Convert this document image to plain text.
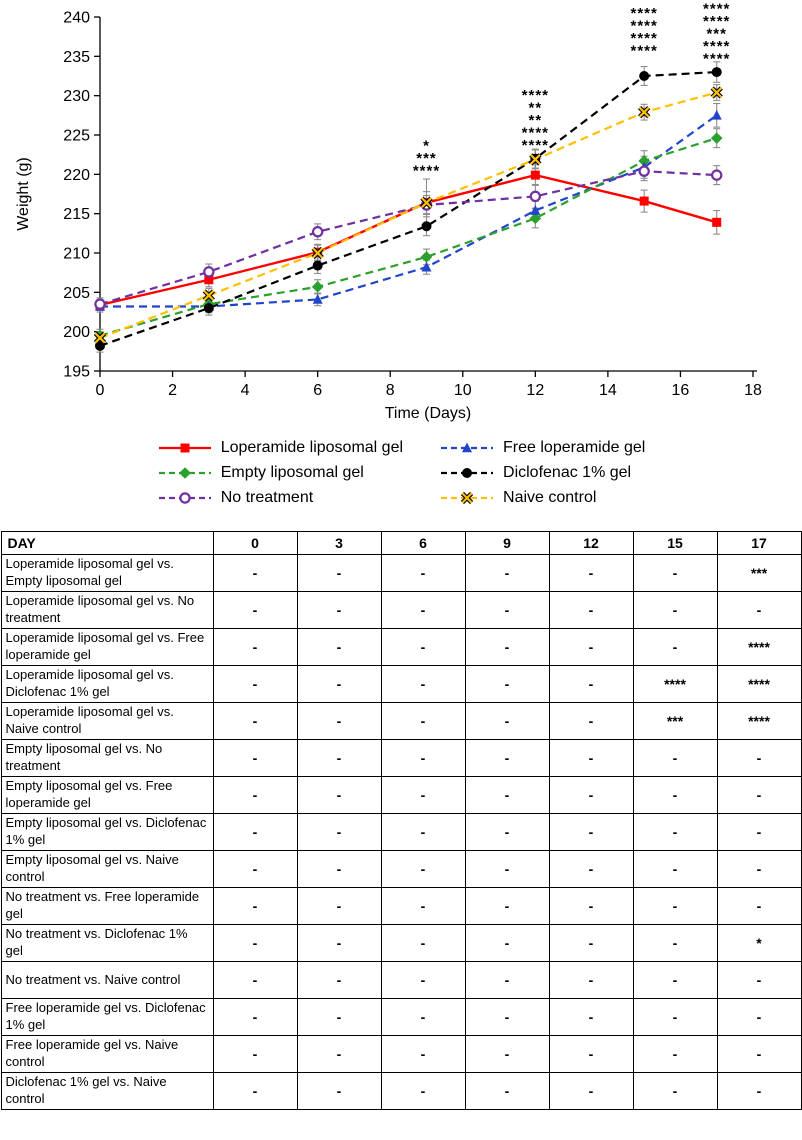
195
200
205
210
215
220
225
230
235
240
0	2	4	6	8	10	12	14	16	18
*
***
****
****
**
**
****
****
****
****
****
****
****
****
***
****
****
Time (Days)
Weight (g)
Loperamide liposomal gel	Free loperamide gel
Empty liposomal gel	Diclofenac 1% gel
No treatment	Naive control
DAY	0	3	6	9	12	15	17
Loperamide liposomal gel vs. Empty liposomal gel	-	-	-	-	-	-	***
Loperamide liposomal gel vs. No treatment	-	-	-	-	-	-	-
Loperamide liposomal gel vs. Free loperamide gel	-	-	-	-	-	-	****
Loperamide liposomal gel vs. Diclofenac 1% gel	-	-	-	-	-	****	****
Loperamide liposomal gel vs. Naive control	-	-	-	-	-	***	****
Empty liposomal gel vs. No treatment	-	-	-	-	-	-	-
Empty liposomal gel vs. Free loperamide gel	-	-	-	-	-	-	-
Empty liposomal gel vs. Diclofenac 1% gel	-	-	-	-	-	-	-
Empty liposomal gel vs. Naive control	-	-	-	-	-	-	-
No treatment vs. Free loperamide gel	-	-	-	-	-	-	-
No treatment vs. Diclofenac 1% gel	-	-	-	-	-	-	*
No treatment vs. Naive control	-	-	-	-	-	-	-
Free loperamide gel vs. Diclofenac 1% gel	-	-	-	-	-	-	-
Free loperamide gel vs. Naive control	-	-	-	-	-	-	-
Diclofenac 1% gel vs. Naive control	-	-	-	-	-	-	-
